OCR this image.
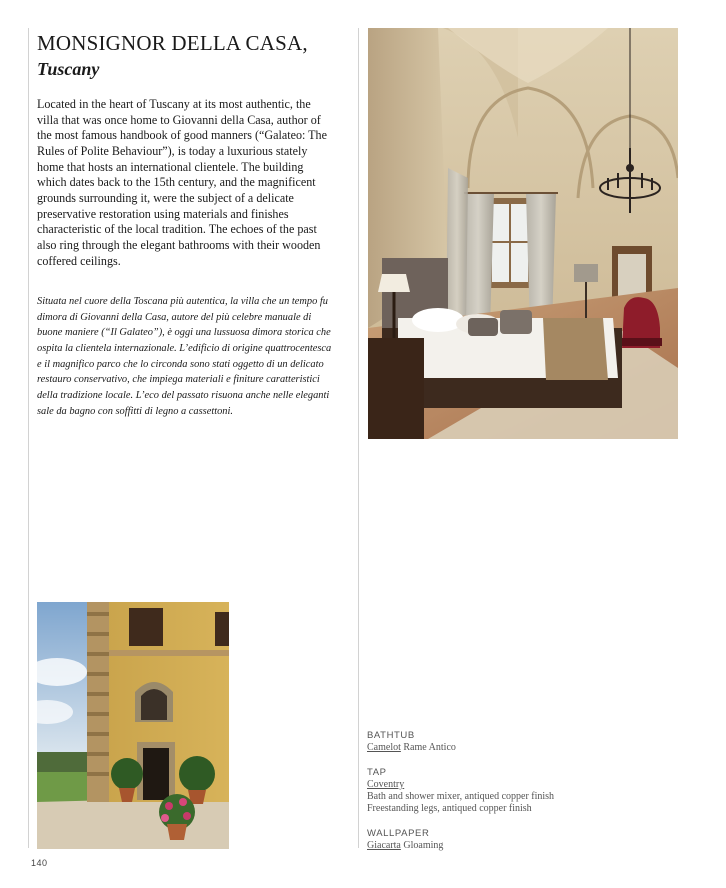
MONSIGNOR DELLA CASA,
Tuscany

Located in the heart of Tuscany at its most authentic, the villa that was once home to Giovanni della Casa, author of the most famous handbook of good manners (“Galateo: The Rules of Polite Behaviour”), is today a luxurious stately home that hosts an international clientele. The building which dates back to the 15th century, and the magnificent grounds surrounding it, were the subject of a delicate preservative restoration using materials and finishes characteristic of the local tradition. The echoes of the past also ring through the elegant bathrooms with their wooden coffered ceilings.

Situata nel cuore della Toscana più autentica, la villa che un tempo fu dimora di Giovanni della Casa, autore del più celebre manuale di buone maniere (“Il Galateo”), è oggi una lussuosa dimora storica che ospita la clientela internazionale. L’edificio di origine quattrocentesca e il magnifico parco che lo circonda sono stati oggetto di un delicato restauro conservativo, che impiega materiali e finiture caratteristici della tradizione locale. L’eco del passato risuona anche nelle eleganti sale da bagno con soffitti di legno a cassettoni.

BATHTUB
Camelot Rame Antico
TAP
Coventry
Bath and shower mixer, antiqued copper finish
Freestanding legs, antiqued copper finish
WALLPAPER
Giacarta Gloaming
140
